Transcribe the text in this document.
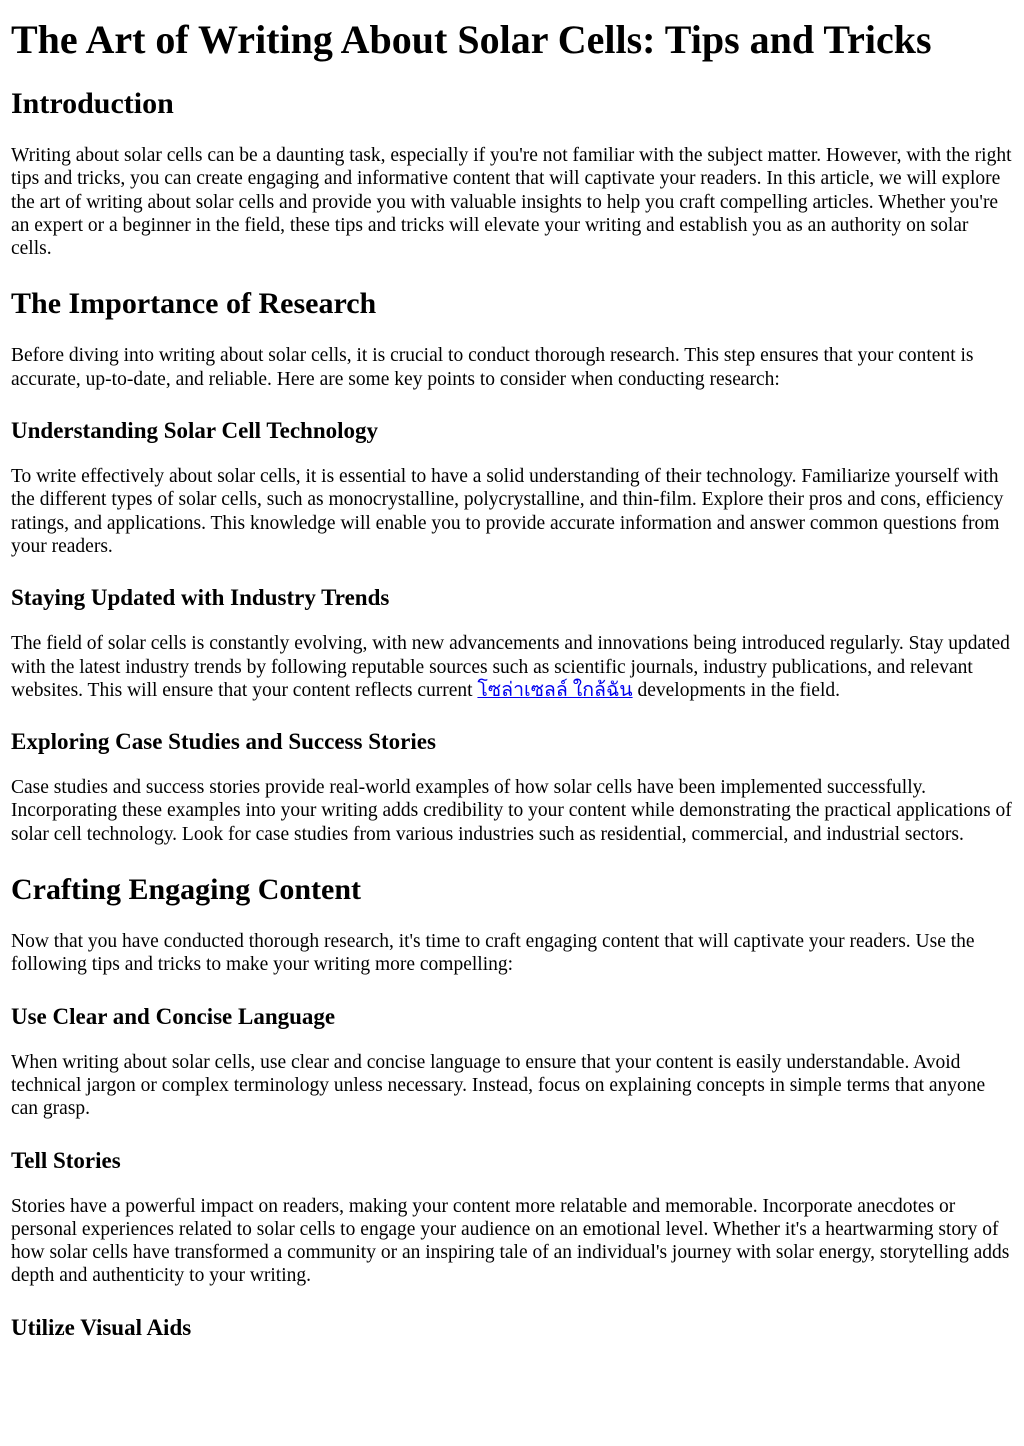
The Art of Writing About Solar Cells: Tips and Tricks
Introduction

Writing about solar cells can be a daunting task, especially if you're not familiar with the subject matter. However, with the right tips and tricks, you can create engaging and informative content that will captivate your readers. In this article, we will explore the art of writing about solar cells and provide you with valuable insights to help you craft compelling articles. Whether you're an expert or a beginner in the field, these tips and tricks will elevate your writing and establish you as an authority on solar cells.

The Importance of Research

Before diving into writing about solar cells, it is crucial to conduct thorough research. This step ensures that your content is accurate, up-to-date, and reliable. Here are some key points to consider when conducting research:

Understanding Solar Cell Technology

To write effectively about solar cells, it is essential to have a solid understanding of their technology. Familiarize yourself with the different types of solar cells, such as monocrystalline, polycrystalline, and thin-film. Explore their pros and cons, efficiency ratings, and applications. This knowledge will enable you to provide accurate information and answer common questions from your readers.

Staying Updated with Industry Trends

The field of solar cells is constantly evolving, with new advancements and innovations being introduced regularly. Stay updated with the latest industry trends by following reputable sources such as scientific journals, industry publications, and relevant websites. This will ensure that your content reflects current โซล่าเซลล์ ใกล้ฉัน developments in the field.

Exploring Case Studies and Success Stories

Case studies and success stories provide real-world examples of how solar cells have been implemented successfully. Incorporating these examples into your writing adds credibility to your content while demonstrating the practical applications of solar cell technology. Look for case studies from various industries such as residential, commercial, and industrial sectors.

Crafting Engaging Content

Now that you have conducted thorough research, it's time to craft engaging content that will captivate your readers. Use the following tips and tricks to make your writing more compelling:

Use Clear and Concise Language

When writing about solar cells, use clear and concise language to ensure that your content is easily understandable. Avoid technical jargon or complex terminology unless necessary. Instead, focus on explaining concepts in simple terms that anyone can grasp.

Tell Stories

Stories have a powerful impact on readers, making your content more relatable and memorable. Incorporate anecdotes or personal experiences related to solar cells to engage your audience on an emotional level. Whether it's a heartwarming story of how solar cells have transformed a community or an inspiring tale of an individual's journey with solar energy, storytelling adds depth and authenticity to your writing.

Utilize Visual Aids
